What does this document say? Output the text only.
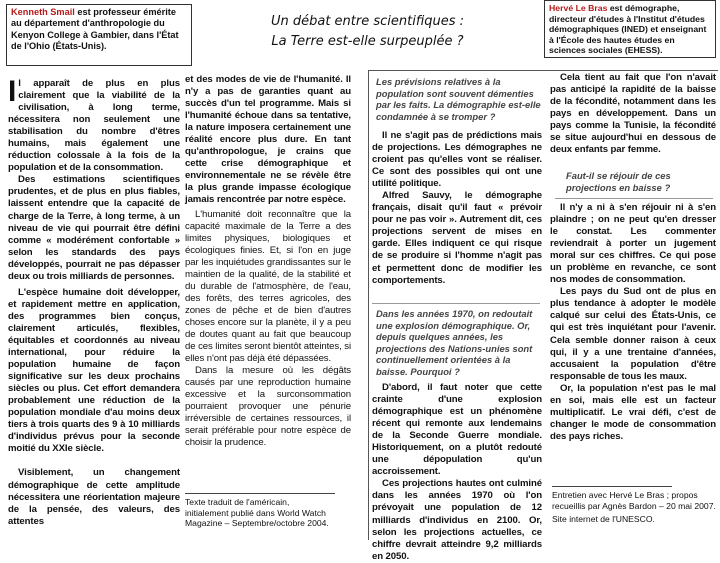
Un débat entre scientifiques :
La Terre est-elle surpeuplée ?
Kenneth Smail est professeur émérite au département d'anthropologie du Kenyon College à Gambier, dans l'État de l'Ohio (États-Unis).
Hervé Le Bras est démographe, directeur d'études à l'Institut d'études démographiques (INED) et enseignant à l'École des hautes études en sciences sociales (EHESS).
I l apparaît de plus en plus clairement que la viabilité de la civilisation, à long terme, nécessitera non seulement une stabilisation du nombre d'êtres humains, mais également une réduction colossale à la fois de la population et de la consommation.

Des estimations scientifiques prudentes, et de plus en plus fiables, laissent entendre que la capacité de charge de la Terre, à long terme, à un niveau de vie qui pourrait être défini comme « modérément confortable » selon les standards des pays développés, pourrait ne pas dépasser deux ou trois milliards de personnes.

L'espèce humaine doit développer, et rapidement mettre en application, des programmes bien conçus, clairement articulés, flexibles, équitables et coordonnés au niveau international, pour réduire la population humaine de façon significative sur les deux prochains siècles ou plus. Cet effort demandera probablement une réduction de la population mondiale d'au moins deux tiers à trois quarts des 9 à 10 milliards d'individus prévus pour la seconde moitié du XXIe siècle.

Visiblement, un changement démographique de cette amplitude nécessitera une réorientation majeure de la pensée, des valeurs, des attentes

et des modes de vie de l'humanité. Il n'y a pas de garanties quant au succès d'un tel programme. Mais si l'humanité échoue dans sa tentative, la nature imposera certainement une réalité encore plus dure. En tant qu'anthropologue, je crains que cette crise démographique et environnementale ne se révèle être la plus grande impasse écologique jamais rencontrée par notre espèce.

L'humanité doit reconnaître que la capacité maximale de la Terre a des limites physiques, biologiques et écologiques finies. Et, si l'on en juge par les inquiétudes grandissantes sur le maintien de la qualité, de la stabilité et du durable de l'atmosphère, de l'eau, des forêts, des terres agricoles, des zones de pêche et de bien d'autres choses encore sur la planète, il y a peu de doutes quant au fait que beaucoup de ces limites seront bientôt atteintes, si elles n'ont pas déjà été dépassées.

Dans la mesure où les dégâts causés par une reproduction humaine excessive et la surconsommation pourraient provoquer une pénurie irréversible de certaines ressources, il serait préférable pour notre espèce de choisir la prudence.

Texte traduit de l'américain, initialement publié dans World Watch Magazine – Septembre/octobre 2004.
Les prévisions relatives à la population sont souvent démenties par les faits. La démographie est-elle condamnée à se tromper ?

Il ne s'agit pas de prédictions mais de projections. Les démographes ne croient pas qu'elles vont se réaliser. Ce sont des possibles qui ont une utilité politique.

Alfred Sauvy, le démographe français, disait qu'il faut « prévoir pour ne pas voir ». Autrement dit, ces projections servent de mises en garde. Elles indiquent ce qui risque de se produire si l'homme n'agit pas et permettent donc de modifier les comportements.

Dans les années 1970, on redoutait une explosion démographique. Or, depuis quelques années, les projections des Nations-unies sont continuellement orientées à la baisse. Pourquoi ?

D'abord, il faut noter que cette crainte d'une explosion démographique est un phénomène récent qui remonte aux lendemains de la Seconde Guerre mondiale. Historiquement, on a plutôt redouté une dépopulation qu'un accroissement.

Ces projections hautes ont culminé dans les années 1970 où l'on prévoyait une population de 12 milliards d'individus en 2100. Or, selon les projections actuelles, ce chiffre devrait atteindre 9,2 milliards en 2050.

Cela tient au fait que l'on n'avait pas anticipé la rapidité de la baisse de la fécondité, notamment dans les pays en développement. Dans un pays comme la Tunisie, la fécondité se situe aujourd'hui en dessous de deux enfants par femme.

Faut-il se réjouir de ces projections en baisse ?

Il n'y a ni à s'en réjouir ni à s'en plaindre ; on ne peut qu'en dresser le constat. Les commenter reviendrait à porter un jugement moral sur ces chiffres. Ce qui pose un problème en revanche, ce sont nos modes de consommation.

Les pays du Sud ont de plus en plus tendance à adopter le modèle calqué sur celui des États-Unis, ce qui est très inquiétant pour l'avenir. Cela semble donner raison à ceux qui, il y a une trentaine d'années, accusaient la population d'être responsable de tous les maux.

Or, la population n'est pas le mal en soi, mais elle est un facteur multiplicatif. Le vrai défi, c'est de changer le mode de consommation des pays riches.

Entretien avec Hervé Le Bras ; propos recueillis par Agnès Bardon – 20 mai 2007.
Site internet de l'UNESCO.
